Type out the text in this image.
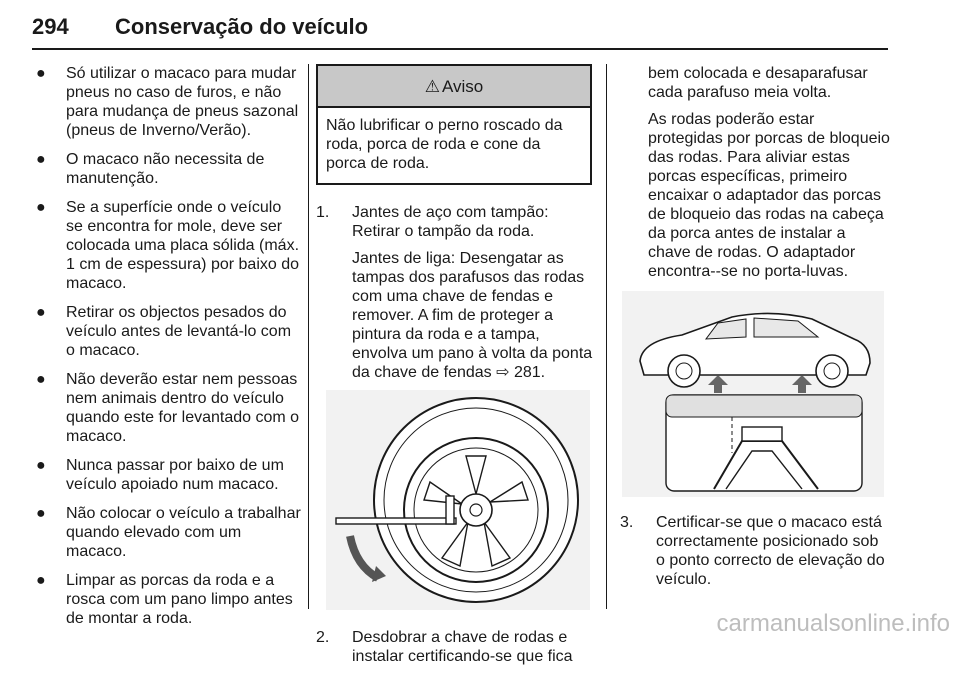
294 Conservação do veículo
● Só utilizar o macaco para mudar pneus no caso de furos, e não para mudança de pneus sazonal (pneus de Inverno/Verão).
● O macaco não necessita de manutenção.
● Se a superfície onde o veículo se encontra for mole, deve ser colocada uma placa sólida (máx. 1 cm de espessura) por baixo do macaco.
● Retirar os objectos pesados do veículo antes de levantá-lo com o macaco.
● Não deverão estar nem pessoas nem animais dentro do veículo quando este for levantado com o macaco.
● Nunca passar por baixo de um veículo apoiado num macaco.
● Não colocar o veículo a trabalhar quando elevado com um macaco.
● Limpar as porcas da roda e a rosca com um pano limpo antes de montar a roda.
⚠ Aviso
Não lubrificar o perno roscado da roda, porca de roda e cone da porca de roda.
1. Jantes de aço com tampão: Retirar o tampão da roda.

Jantes de liga: Desengatar as tampas dos parafusos das rodas com uma chave de fendas e remover. A fim de proteger a pintura da roda e a tampa, envolva um pano à volta da ponta da chave de fendas ⇨ 281.

2. Desdobrar a chave de rodas e instalar certificando-se que fica

bem colocada e desaparafusar cada parafuso meia volta.

As rodas poderão estar protegidas por porcas de bloqueio das rodas. Para aliviar estas porcas específicas, primeiro encaixar o adaptador das porcas de bloqueio das rodas na cabeça da porca antes de instalar a chave de rodas. O adaptador encontra--se no porta-luvas.

3. Certificar-se que o macaco está correctamente posicionado sob o ponto correcto de elevação do veículo.

carmanualsonline.info
